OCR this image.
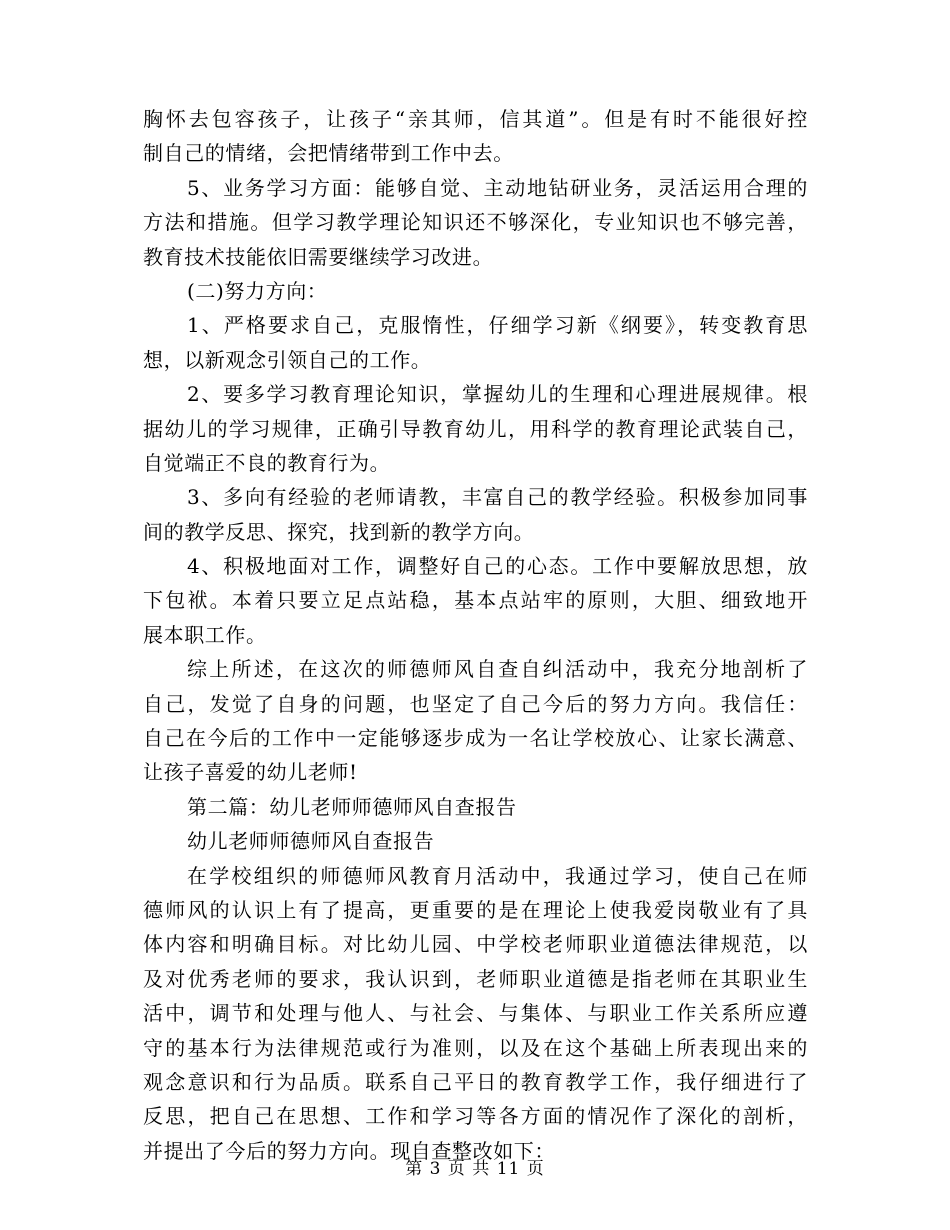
胸怀去包容孩子，让孩子“亲其师，信其道”。但是有时不能很好控
制自己的情绪，会把情绪带到工作中去。
5、业务学习方面：能够自觉、主动地钻研业务，灵活运用合理的
方法和措施。但学习教学理论知识还不够深化，专业知识也不够完善，
教育技术技能依旧需要继续学习改进。
(二)努力方向：
1、严格要求自己，克服惰性，仔细学习新《纲要》，转变教育思
想，以新观念引领自己的工作。
2、要多学习教育理论知识，掌握幼儿的生理和心理进展规律。根
据幼儿的学习规律，正确引导教育幼儿，用科学的教育理论武装自己，
自觉端正不良的教育行为。
3、多向有经验的老师请教，丰富自己的教学经验。积极参加同事
间的教学反思、探究，找到新的教学方向。
4、积极地面对工作，调整好自己的心态。工作中要解放思想，放
下包袱。本着只要立足点站稳，基本点站牢的原则，大胆、细致地开
展本职工作。
综上所述，在这次的师德师风自查自纠活动中，我充分地剖析了
自己，发觉了自身的问题，也坚定了自己今后的努力方向。我信任：
自己在今后的工作中一定能够逐步成为一名让学校放心、让家长满意、
让孩子喜爱的幼儿老师!
第二篇：幼儿老师师德师风自查报告
幼儿老师师德师风自查报告
在学校组织的师德师风教育月活动中，我通过学习，使自己在师
德师风的认识上有了提高，更重要的是在理论上使我爱岗敬业有了具
体内容和明确目标。对比幼儿园、中学校老师职业道德法律规范，以
及对优秀老师的要求，我认识到，老师职业道德是指老师在其职业生
活中，调节和处理与他人、与社会、与集体、与职业工作关系所应遵
守的基本行为法律规范或行为准则，以及在这个基础上所表现出来的
观念意识和行为品质。联系自己平日的教育教学工作，我仔细进行了
反思，把自己在思想、工作和学习等各方面的情况作了深化的剖析，
并提出了今后的努力方向。现自查整改如下：
第 3 页 共 11 页
